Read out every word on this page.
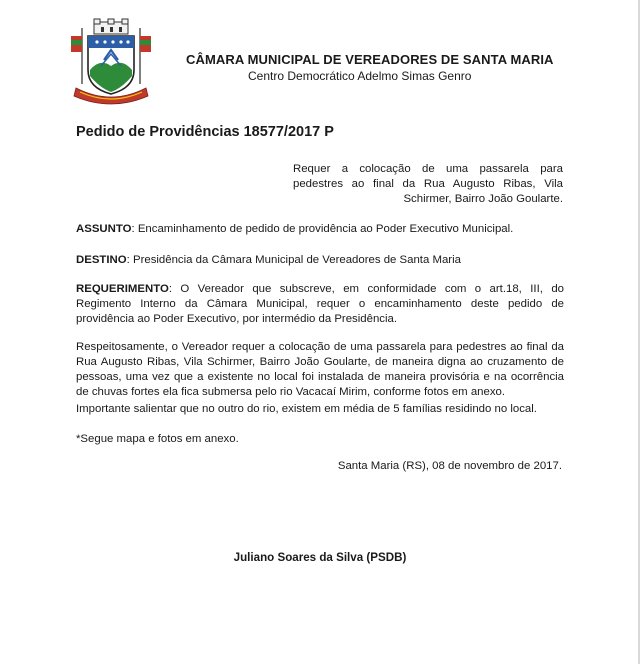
CÂMARA MUNICIPAL DE VEREADORES DE SANTA MARIA
Centro Democrático Adelmo Simas Genro
Pedido de Providências 18577/2017 P
Requer a colocação de uma passarela para pedestres ao final da Rua Augusto Ribas, Vila Schirmer, Bairro João Goularte.
ASSUNTO: Encaminhamento de pedido de providência ao Poder Executivo Municipal.
DESTINO: Presidência da Câmara Municipal de Vereadores de Santa Maria
REQUERIMENTO: O Vereador que subscreve, em conformidade com o art.18, III, do Regimento Interno da Câmara Municipal, requer o encaminhamento deste pedido de providência ao Poder Executivo, por intermédio da Presidência.
Respeitosamente, o Vereador requer a colocação de uma passarela para pedestres ao final da Rua Augusto Ribas, Vila Schirmer, Bairro João Goularte, de maneira digna ao cruzamento de pessoas, uma vez que a existente no local foi instalada de maneira provisória e na ocorrência de chuvas fortes ela fica submersa pelo rio Vacacaí Mirim, conforme fotos em anexo.
Importante salientar que no outro do rio, existem em média de 5 famílias residindo no local.
*Segue mapa e fotos em anexo.
Santa Maria (RS), 08 de novembro de 2017.
Juliano Soares da Silva (PSDB)
